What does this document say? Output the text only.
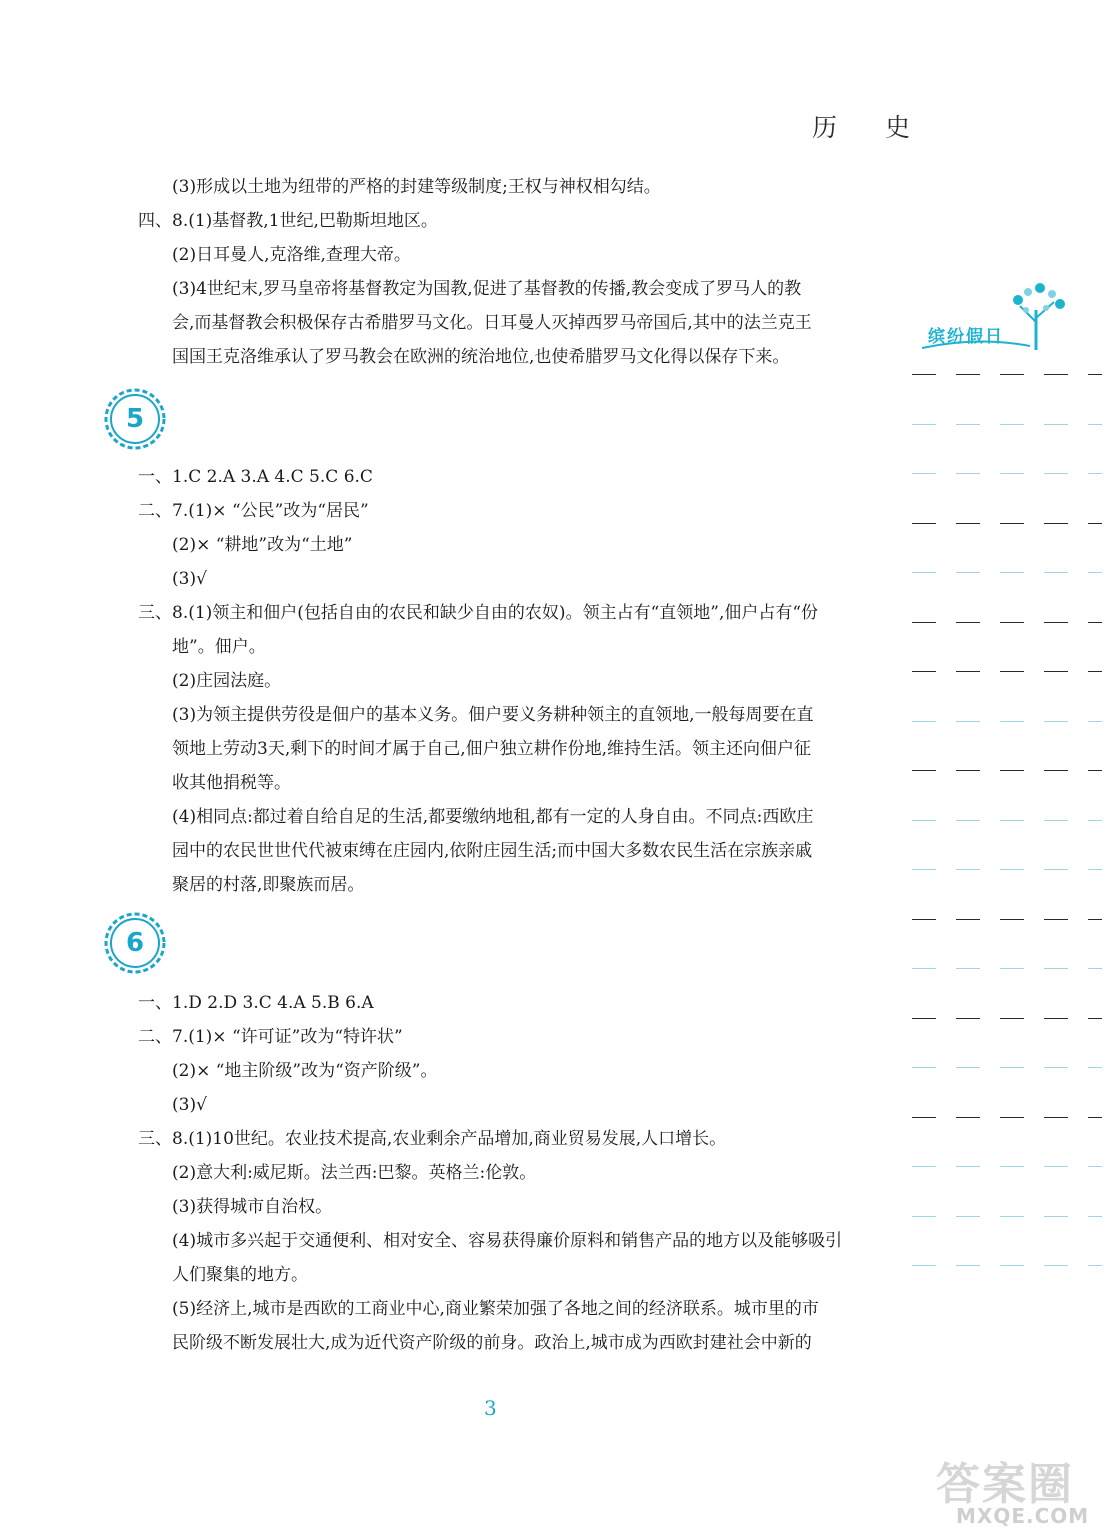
历 史
(3)形成以土地为纽带的严格的封建等级制度;王权与神权相勾结。
四、8.(1)基督教,1世纪,巴勒斯坦地区。
(2)日耳曼人,克洛维,查理大帝。
(3)4世纪末,罗马皇帝将基督教定为国教,促进了基督教的传播,教会变成了罗马人的教
会,而基督教会积极保存古希腊罗马文化。日耳曼人灭掉西罗马帝国后,其中的法兰克王
国国王克洛维承认了罗马教会在欧洲的统治地位,也使希腊罗马文化得以保存下来。
5
一、1.C 2.A 3.A 4.C 5.C 6.C
二、7.(1)× “公民”改为“居民”
(2)× “耕地”改为“土地”
(3)√
三、8.(1)领主和佃户(包括自由的农民和缺少自由的农奴)。领主占有“直领地”,佃户占有“份
地”。佃户。
(2)庄园法庭。
(3)为领主提供劳役是佃户的基本义务。佃户要义务耕种领主的直领地,一般每周要在直
领地上劳动3天,剩下的时间才属于自己,佃户独立耕作份地,维持生活。领主还向佃户征
收其他捐税等。
(4)相同点:都过着自给自足的生活,都要缴纳地租,都有一定的人身自由。不同点:西欧庄
园中的农民世世代代被束缚在庄园内,依附庄园生活;而中国大多数农民生活在宗族亲戚
聚居的村落,即聚族而居。
6
一、1.D 2.D 3.C 4.A 5.B 6.A
二、7.(1)× “许可证”改为“特许状”
(2)× “地主阶级”改为“资产阶级”。
(3)√
三、8.(1)10世纪。农业技术提高,农业剩余产品增加,商业贸易发展,人口增长。
(2)意大利:威尼斯。法兰西:巴黎。英格兰:伦敦。
(3)获得城市自治权。
(4)城市多兴起于交通便利、相对安全、容易获得廉价原料和销售产品的地方以及能够吸引
人们聚集的地方。
(5)经济上,城市是西欧的工商业中心,商业繁荣加强了各地之间的经济联系。城市里的市
民阶级不断发展壮大,成为近代资产阶级的前身。政治上,城市成为西欧封建社会中新的
缤纷假日
3
答案圈
MXQE.COM
